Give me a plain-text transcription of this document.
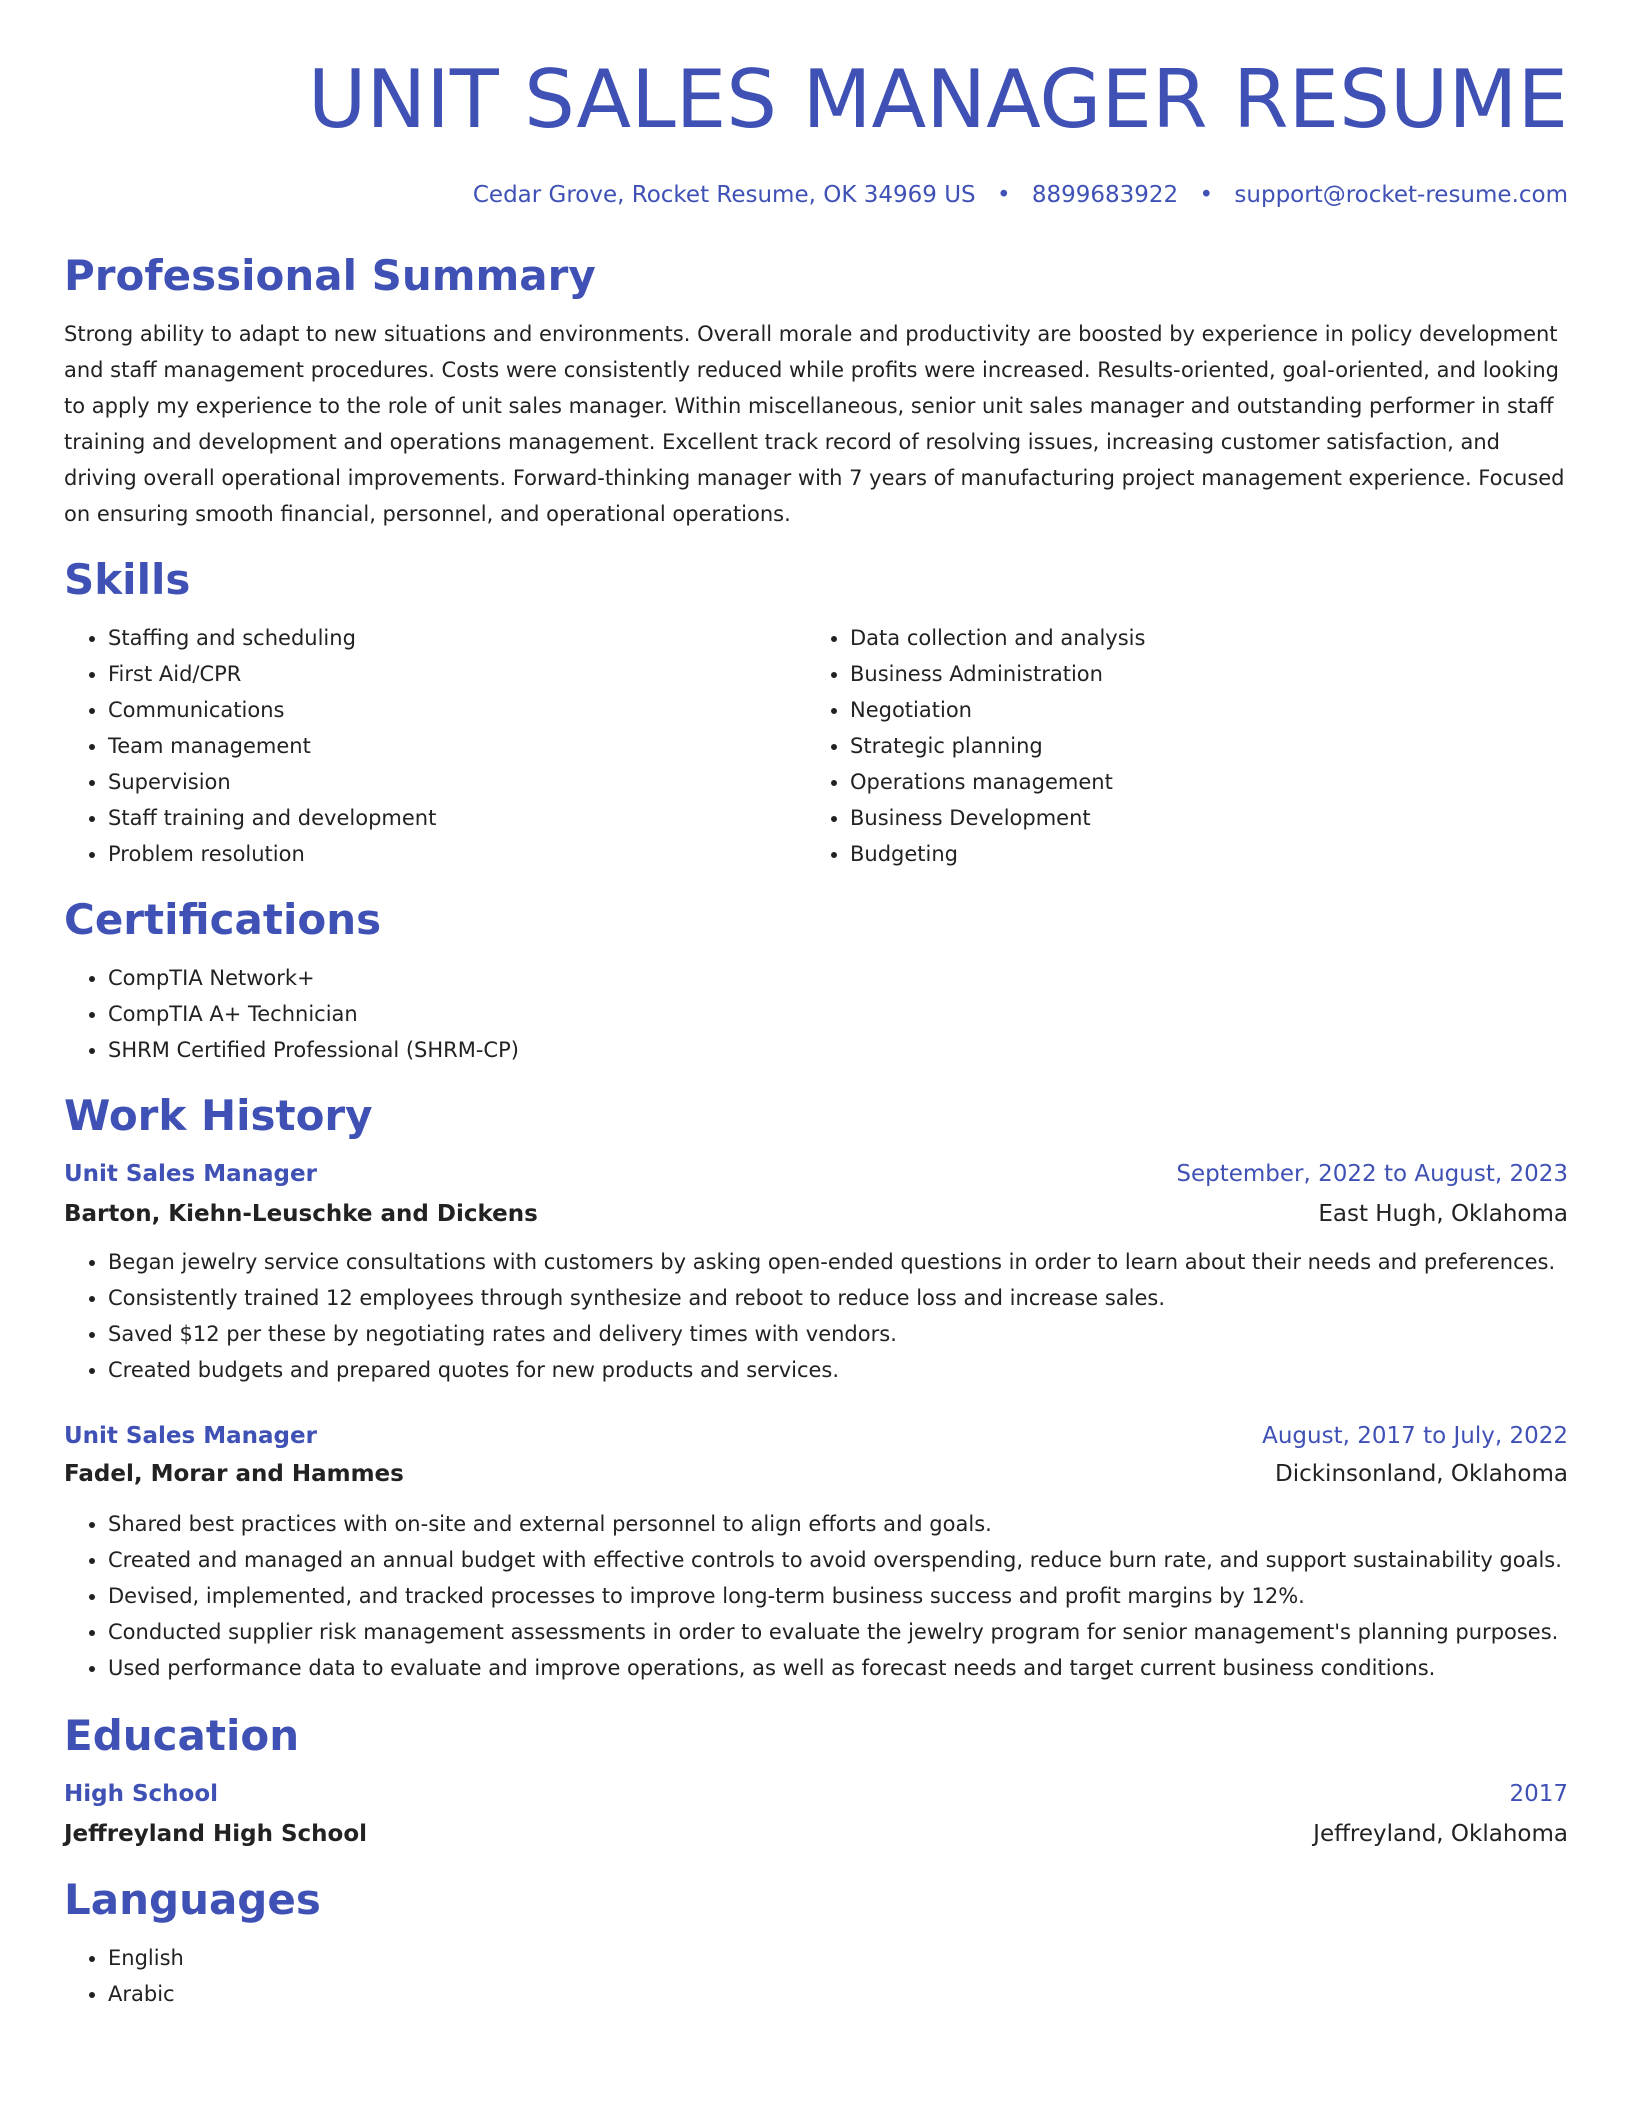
UNIT SALES MANAGER RESUME
Cedar Grove, Rocket Resume, OK 34969 US • 8899683922 • support@rocket-resume.com
Professional Summary

Strong ability to adapt to new situations and environments. Overall morale and productivity are boosted by experience in policy development and staff management procedures. Costs were consistently reduced while profits were increased. Results-oriented, goal-oriented, and looking to apply my experience to the role of unit sales manager. Within miscellaneous, senior unit sales manager and outstanding performer in staff training and development and operations management. Excellent track record of resolving issues, increasing customer satisfaction, and driving overall operational improvements. Forward-thinking manager with 7 years of manufacturing project management experience. Focused on ensuring smooth financial, personnel, and operational operations.

Skills
• Staffing and scheduling
• First Aid/CPR
• Communications
• Team management
• Supervision
• Staff training and development
• Problem resolution
• Data collection and analysis
• Business Administration
• Negotiation
• Strategic planning
• Operations management
• Business Development
• Budgeting
Certifications
• CompTIA Network+
• CompTIA A+ Technician
• SHRM Certified Professional (SHRM-CP)
Work History
Unit Sales Manager	September, 2022 to August, 2023
Barton, Kiehn-Leuschke and Dickens	East Hugh, Oklahoma
• Began jewelry service consultations with customers by asking open-ended questions in order to learn about their needs and preferences.
• Consistently trained 12 employees through synthesize and reboot to reduce loss and increase sales.
• Saved $12 per these by negotiating rates and delivery times with vendors.
• Created budgets and prepared quotes for new products and services.
Unit Sales Manager	August, 2017 to July, 2022
Fadel, Morar and Hammes	Dickinsonland, Oklahoma
• Shared best practices with on-site and external personnel to align efforts and goals.
• Created and managed an annual budget with effective controls to avoid overspending, reduce burn rate, and support sustainability goals.
• Devised, implemented, and tracked processes to improve long-term business success and profit margins by 12%.
• Conducted supplier risk management assessments in order to evaluate the jewelry program for senior management's planning purposes.
• Used performance data to evaluate and improve operations, as well as forecast needs and target current business conditions.
Education
High School	2017
Jeffreyland High School	Jeffreyland, Oklahoma
Languages
• English
• Arabic
